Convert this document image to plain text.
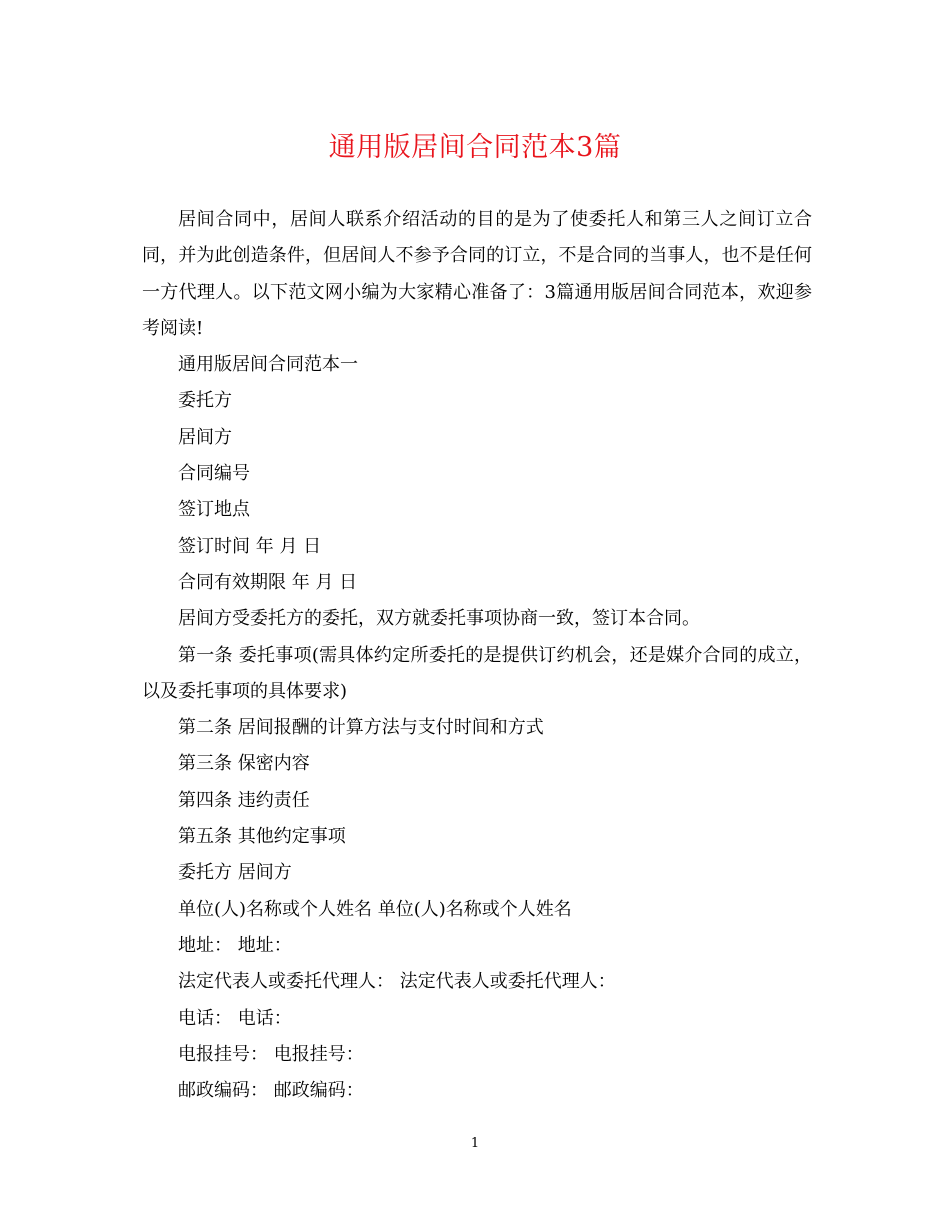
通用版居间合同范本3篇

居间合同中，居间人联系介绍活动的目的是为了使委托人和第三人之间订立合同，并为此创造条件，但居间人不参予合同的订立，不是合同的当事人，也不是任何一方代理人。以下范文网小编为大家精心准备了：3篇通用版居间合同范本，欢迎参考阅读!

通用版居间合同范本一

委托方

居间方

合同编号

签订地点

签订时间 年 月 日

合同有效期限 年 月 日

居间方受委托方的委托，双方就委托事项协商一致，签订本合同。

第一条 委托事项(需具体约定所委托的是提供订约机会，还是媒介合同的成立，以及委托事项的具体要求)

第二条 居间报酬的计算方法与支付时间和方式

第三条 保密内容

第四条 违约责任

第五条 其他约定事项

委托方 居间方

单位(人)名称或个人姓名 单位(人)名称或个人姓名

地址： 地址：

法定代表人或委托代理人： 法定代表人或委托代理人：

电话： 电话：

电报挂号： 电报挂号：

邮政编码： 邮政编码：

1
